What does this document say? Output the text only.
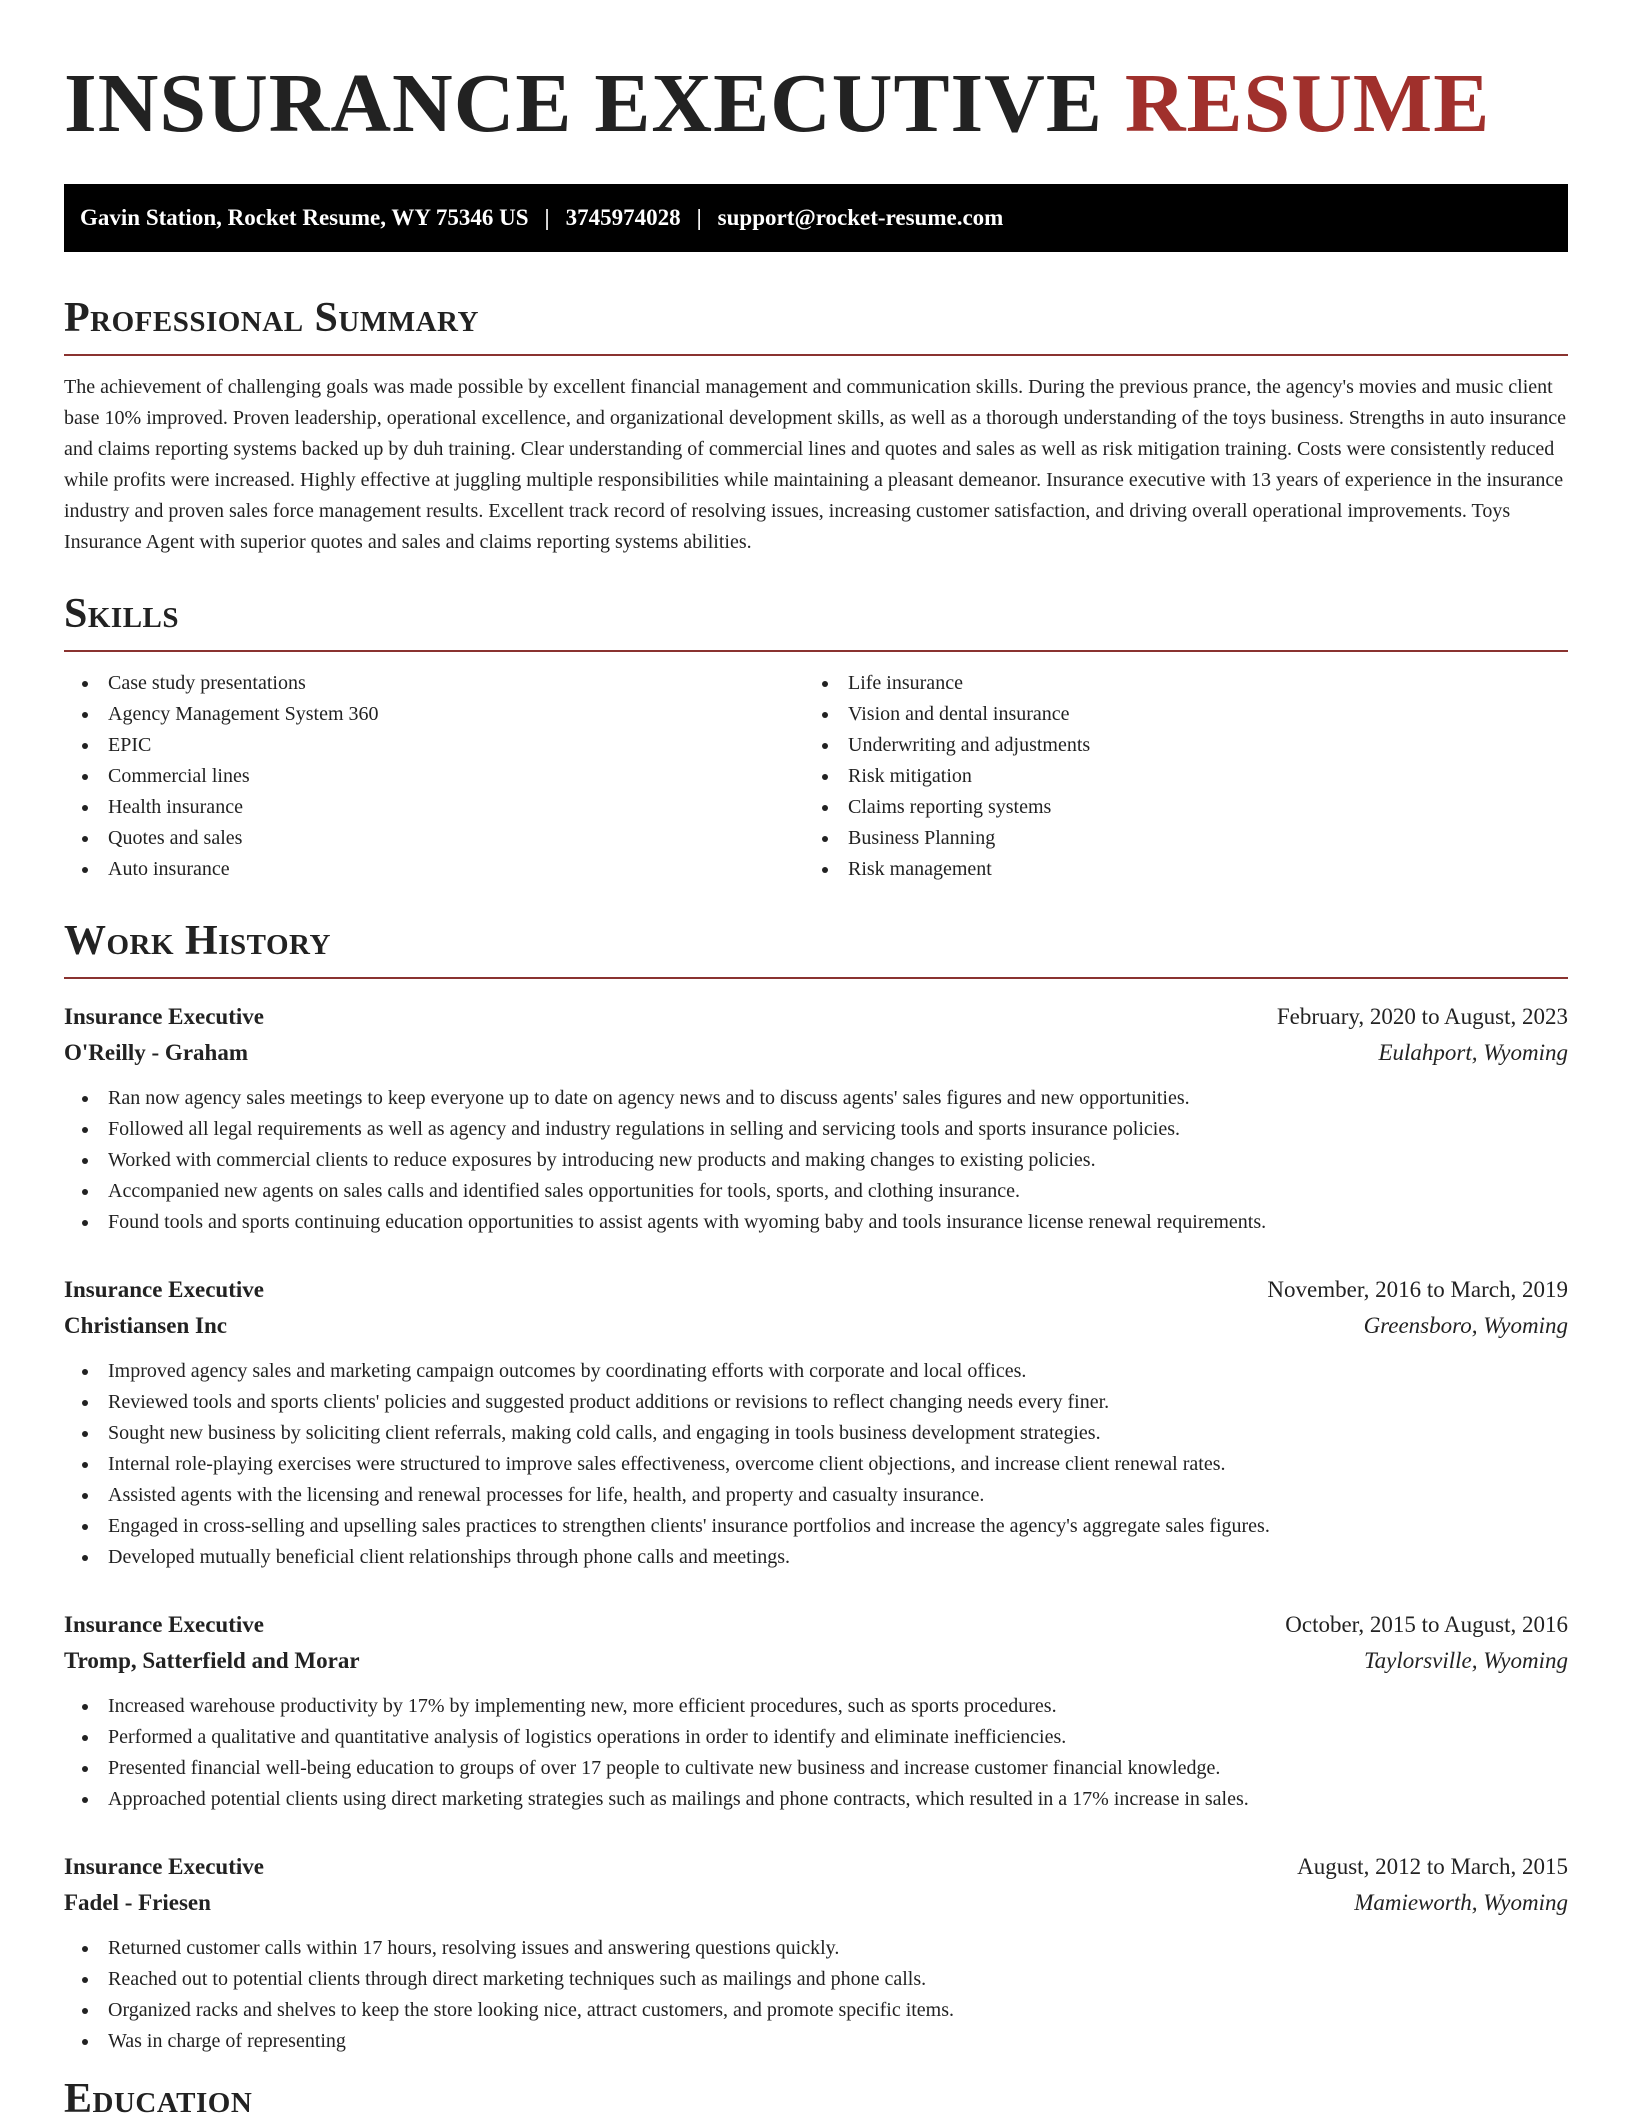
INSURANCE EXECUTIVE RESUME
Gavin Station, Rocket Resume, WY 75346 US | 3745974028 | support@rocket-resume.com
Professional Summary

The achievement of challenging goals was made possible by excellent financial management and communication skills. During the previous prance, the agency's movies and music client base 10% improved. Proven leadership, operational excellence, and organizational development skills, as well as a thorough understanding of the toys business. Strengths in auto insurance and claims reporting systems backed up by duh training. Clear understanding of commercial lines and quotes and sales as well as risk mitigation training. Costs were consistently reduced while profits were increased. Highly effective at juggling multiple responsibilities while maintaining a pleasant demeanor. Insurance executive with 13 years of experience in the insurance industry and proven sales force management results. Excellent track record of resolving issues, increasing customer satisfaction, and driving overall operational improvements. Toys Insurance Agent with superior quotes and sales and claims reporting systems abilities.

Skills
Case study presentations
Agency Management System 360
EPIC
Commercial lines
Health insurance
Quotes and sales
Auto insurance
Life insurance
Vision and dental insurance
Underwriting and adjustments
Risk mitigation
Claims reporting systems
Business Planning
Risk management
Work History
Insurance Executive	February, 2020 to August, 2023
O'Reilly - Graham	Eulahport, Wyoming
Ran now agency sales meetings to keep everyone up to date on agency news and to discuss agents' sales figures and new opportunities.
Followed all legal requirements as well as agency and industry regulations in selling and servicing tools and sports insurance policies.
Worked with commercial clients to reduce exposures by introducing new products and making changes to existing policies.
Accompanied new agents on sales calls and identified sales opportunities for tools, sports, and clothing insurance.
Found tools and sports continuing education opportunities to assist agents with wyoming baby and tools insurance license renewal requirements.
Insurance Executive	November, 2016 to March, 2019
Christiansen Inc	Greensboro, Wyoming
Improved agency sales and marketing campaign outcomes by coordinating efforts with corporate and local offices.
Reviewed tools and sports clients' policies and suggested product additions or revisions to reflect changing needs every finer.
Sought new business by soliciting client referrals, making cold calls, and engaging in tools business development strategies.
Internal role-playing exercises were structured to improve sales effectiveness, overcome client objections, and increase client renewal rates.
Assisted agents with the licensing and renewal processes for life, health, and property and casualty insurance.
Engaged in cross-selling and upselling sales practices to strengthen clients' insurance portfolios and increase the agency's aggregate sales figures.
Developed mutually beneficial client relationships through phone calls and meetings.
Insurance Executive	October, 2015 to August, 2016
Tromp, Satterfield and Morar	Taylorsville, Wyoming
Increased warehouse productivity by 17% by implementing new, more efficient procedures, such as sports procedures.
Performed a qualitative and quantitative analysis of logistics operations in order to identify and eliminate inefficiencies.
Presented financial well-being education to groups of over 17 people to cultivate new business and increase customer financial knowledge.
Approached potential clients using direct marketing strategies such as mailings and phone contracts, which resulted in a 17% increase in sales.
Insurance Executive	August, 2012 to March, 2015
Fadel - Friesen	Mamieworth, Wyoming
Returned customer calls within 17 hours, resolving issues and answering questions quickly.
Reached out to potential clients through direct marketing techniques such as mailings and phone calls.
Organized racks and shelves to keep the store looking nice, attract customers, and promote specific items.
Was in charge of representing
Education
